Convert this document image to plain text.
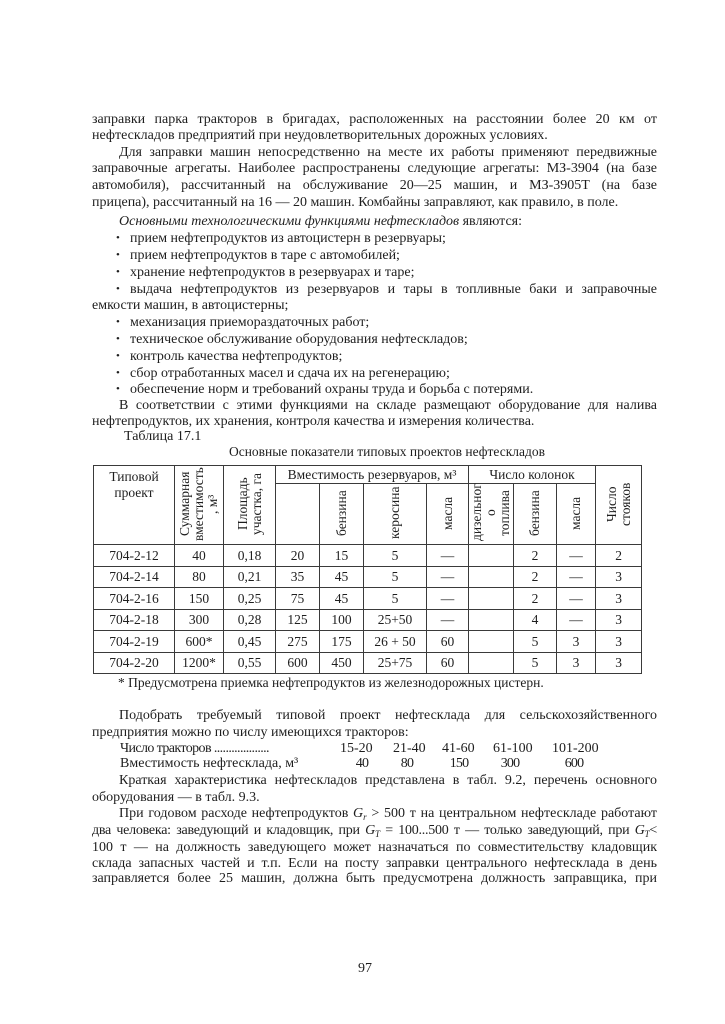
заправки парка тракторов в бригадах, расположенных на расстоянии более 20 км от
нефтескладов предприятий при неудовлетворительных дорожных условиях.
Для заправки машин непосредственно на месте их работы применяют передвижные
заправочные агрегаты. Наиболее распространены следующие агрегаты: МЗ-3904 (на базе
автомобиля), рассчитанный на обслуживание 20—25 машин, и МЗ-3905Т (на базе
прицепа), рассчитанный на 16 — 20 машин. Комбайны заправляют, как правило, в поле.
Основными технологическими функциями нефтескладов являются:
• прием нефтепродуктов из автоцистерн в резервуары;
• прием нефтепродуктов в таре с автомобилей;
• хранение нефтепродуктов в резервуарах и таре;
• выдача нефтепродуктов из резервуаров и тары в топливные баки и заправочные
емкости машин, в автоцистерны;
• механизация приемораздаточных работ;
• техническое обслуживание оборудования нефтескладов;
• контроль качества нефтепродуктов;
• сбор отработанных масел и сдача их на регенерацию;
• обеспечение норм и требований охраны труда и борьба с потерями.
В соответствии с этими функциями на складе размещают оборудование для налива
нефтепродуктов, их хранения, контроля качества и измерения количества.
Таблица 17.1
Основные показатели типовых проектов нефтескладов
Типовой
проект	Суммарная вместимость , м³	Площадь участка, га	Вместимость резервуаров, м³				Число колонок			Число стояков

				бензина	керосина	масла	дизельног о топлива	бензина	масла	

704-2-12	40	0,18	20	15	5	—		2	—	2
704-2-14	80	0,21	35	45	5	—		2	—	3
704-2-16	150	0,25	75	45	5	—		2	—	3
704-2-18	300	0,28	125	100	25+50	—		4	—	3
704-2-19	600*	0,45	275	175	26 + 50	60		5	3	3
704-2-20	1200*	0,55	600	450	25+75	60		5	3	3
* Предусмотрена приемка нефтепродуктов из железнодорожных цистерн.
Подобрать требуемый типовой проект нефтесклада для сельскохозяйственного
предприятия можно по числу имеющихся тракторов:
Число тракторов ...................	15-20 21-40 41-60 61-100 101-200
Вместимость нефтесклада, м³	40	80	150	300	600
Краткая характеристика нефтескладов представлена в табл. 9.2, перечень основного
оборудования — в табл. 9.3.
При годовом расходе нефтепродуктов $G_r > 500$ т на центральном нефтескладе работают
два человека: заведующий и кладовщик, при $G_T = 100...500$ т — только заведующий, при $G_T<$
100 т — на должность заведующего может назначаться по совместительству кладовщик
склада запасных частей и т.п. Если на посту заправки центрального нефтесклада в день
заправляется более 25 машин, должна быть предусмотрена должность заправщика, при
97
